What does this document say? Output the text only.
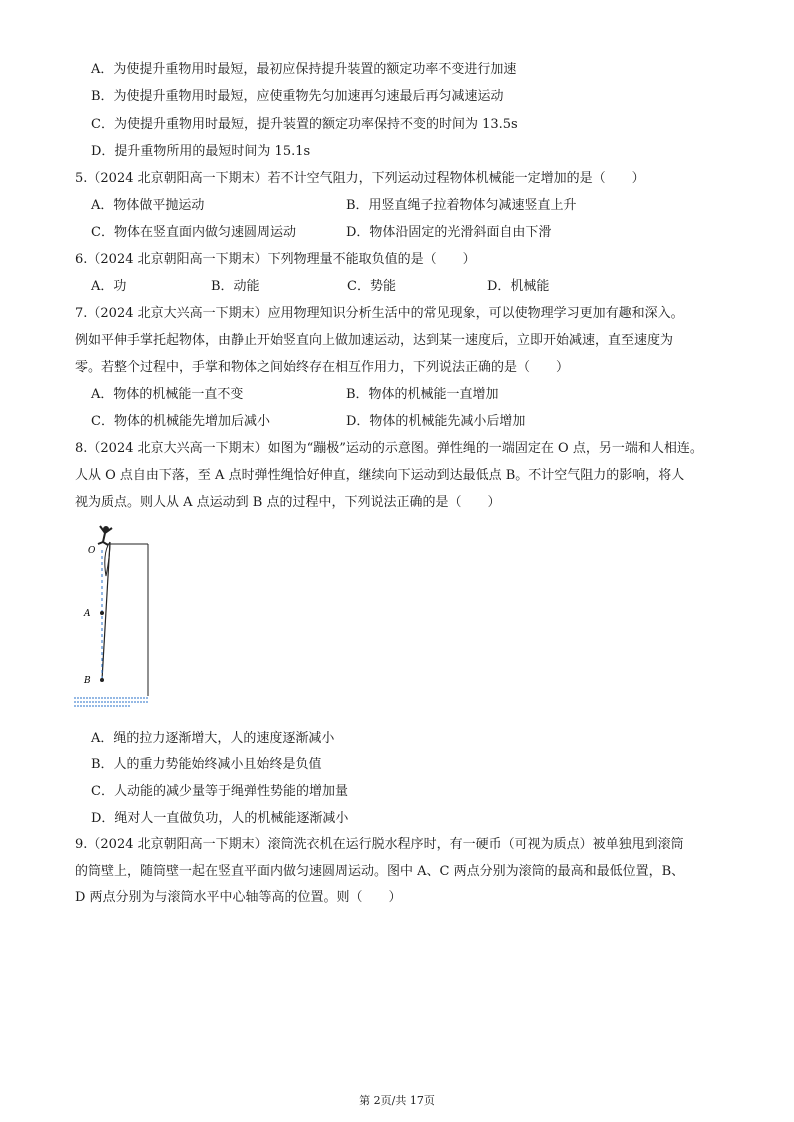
A．为使提升重物用时最短，最初应保持提升装置的额定功率不变进行加速
B．为使提升重物用时最短，应使重物先匀加速再匀速最后再匀减速运动
C．为使提升重物用时最短，提升装置的额定功率保持不变的时间为 13.5s
D．提升重物所用的最短时间为 15.1s
5.（2024 北京朝阳高一下期末）若不计空气阻力，下列运动过程物体机械能一定增加的是（　　）
A．物体做平抛运动	B．用竖直绳子拉着物体匀减速竖直上升
C．物体在竖直面内做匀速圆周运动	D．物体沿固定的光滑斜面自由下滑
6.（2024 北京朝阳高一下期末）下列物理量不能取负值的是（　　）
A．功	B．动能	C．势能	D．机械能
7.（2024 北京大兴高一下期末）应用物理知识分析生活中的常见现象，可以使物理学习更加有趣和深入。
例如平伸手掌托起物体，由静止开始竖直向上做加速运动，达到某一速度后，立即开始减速，直至速度为
零。若整个过程中，手掌和物体之间始终存在相互作用力，下列说法正确的是（　　）
A．物体的机械能一直不变	B．物体的机械能一直增加
C．物体的机械能先增加后减小	D．物体的机械能先减小后增加
8.（2024 北京大兴高一下期末）如图为“蹦极”运动的示意图。弹性绳的一端固定在 O 点，另一端和人相连。
人从 O 点自由下落，至 A 点时弹性绳恰好伸直，继续向下运动到达最低点 B。不计空气阻力的影响，将人
视为质点。则人从 A 点运动到 B 点的过程中，下列说法正确的是（　　）
O
A
B
A．绳的拉力逐渐增大，人的速度逐渐减小
B．人的重力势能始终减小且始终是负值
C．人动能的减少量等于绳弹性势能的增加量
D．绳对人一直做负功，人的机械能逐渐减小
9.（2024 北京朝阳高一下期末）滚筒洗衣机在运行脱水程序时，有一硬币（可视为质点）被单独甩到滚筒
的筒壁上，随筒壁一起在竖直平面内做匀速圆周运动。图中 A、C 两点分别为滚筒的最高和最低位置，B、
D 两点分别为与滚筒水平中心轴等高的位置。则（　　）
第 2页/共 17页
